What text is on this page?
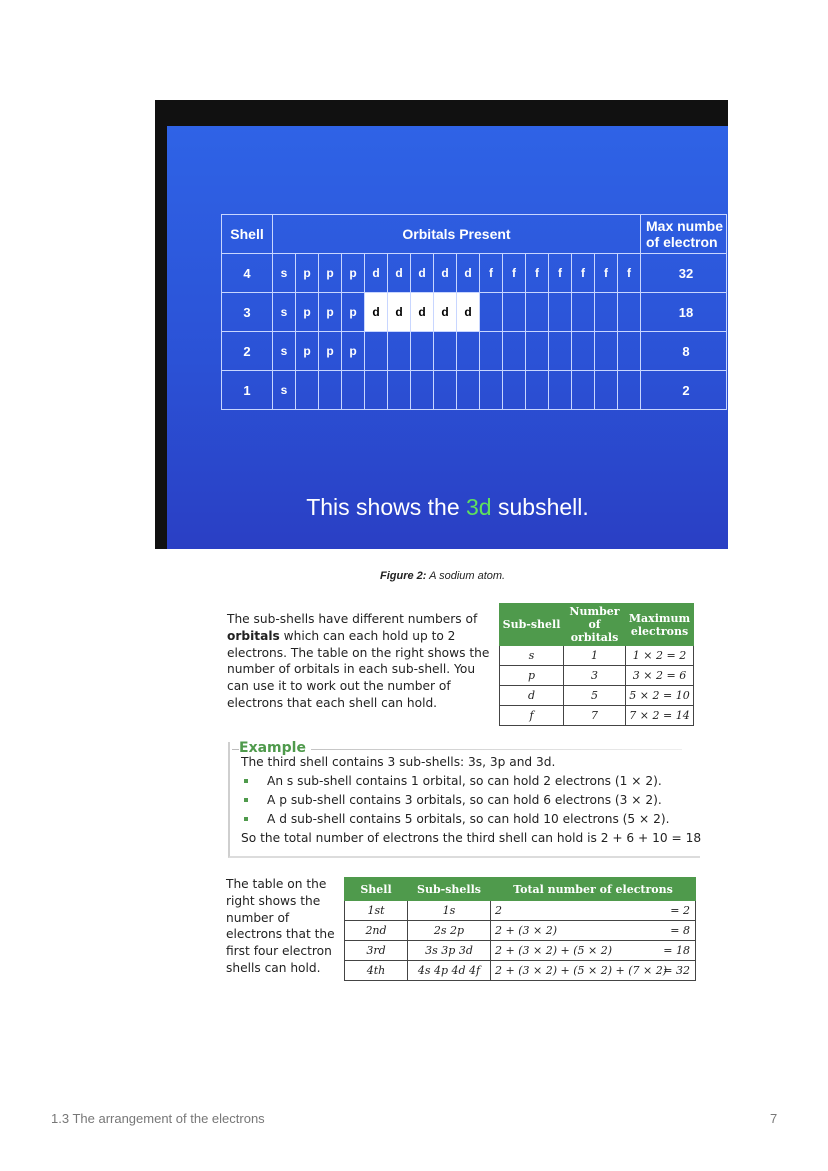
Shell	Orbitals Present																Max numbe
of electron
4	s	p	p	p	d	d	d	d	d	f	f	f	f	f	f	f	32
3	s	p	p	p	d	d	d	d	d								18
2	s	p	p	p													8
1	s																2
This shows the 3d subshell.
Figure 2: A sodium atom.
The sub-shells have different numbers of orbitals which can each hold up to 2 electrons. The table on the right shows the number of orbitals in each sub-shell. You can use it to work out the number of electrons that each shell can hold.
Sub-shell	Number of orbitals	Maximum electrons
s	1	1 × 2 = 2
p	3	3 × 2 = 6
d	5	5 × 2 = 10
f	7	7 × 2 = 14
Example
The third shell contains 3 sub-shells: 3s, 3p and 3d.
An s sub-shell contains 1 orbital, so can hold 2 electrons (1 × 2).
A p sub-shell contains 3 orbitals, so can hold 6 electrons (3 × 2).
A d sub-shell contains 5 orbitals, so can hold 10 electrons (5 × 2).
So the total number of electrons the third shell can hold is 2 + 6 + 10 = 18
The table on the right shows the number of electrons that the first four electron shells can hold.
Shell	Sub-shells	Total number of electrons
1st	1s	2 = 2

2nd	2s 2p	2 + (3 × 2) = 8

3rd	3s 3p 3d	2 + (3 × 2) + (5 × 2) = 18

4th	4s 4p 4d 4f	2 + (3 × 2) + (5 × 2) + (7 × 2)
= 32
1.3 The arrangement of the electrons	7
